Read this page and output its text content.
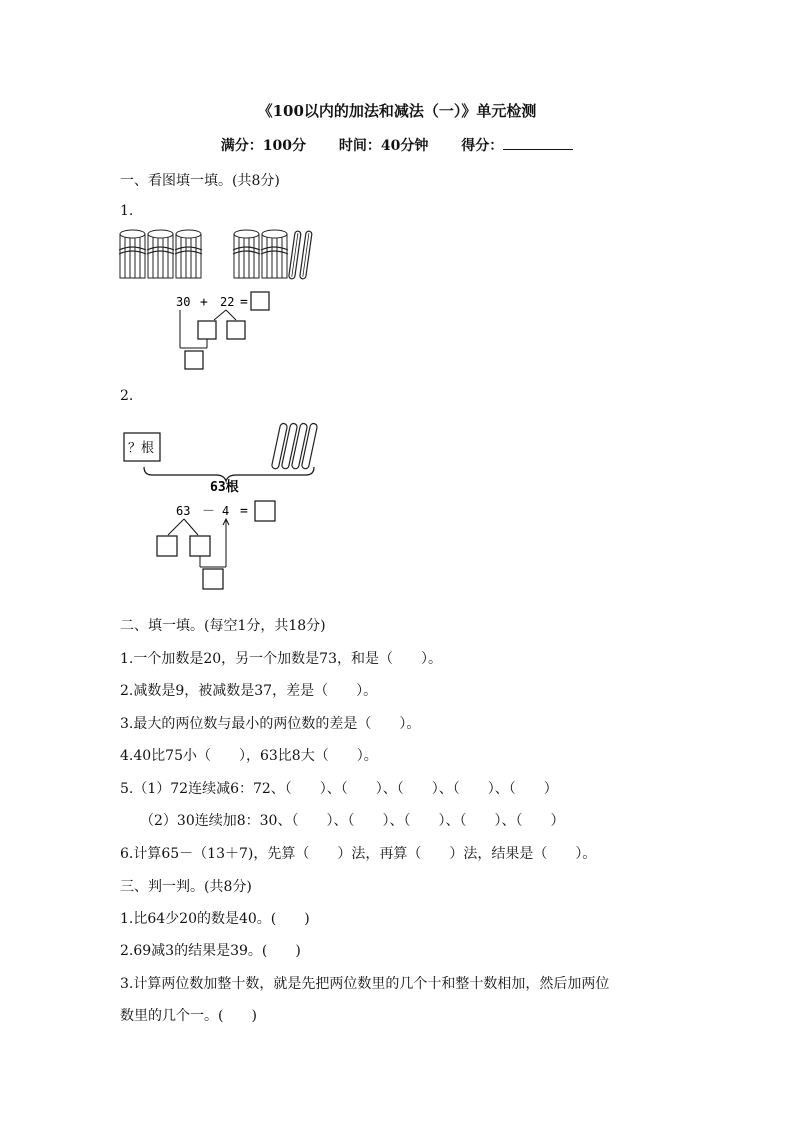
《100以内的加法和减法（一）》单元检测
满分：100分 时间：40分钟 得分：
一、看图填一填。(共8分)
1.
30 + 22 =
2.
？根
63根
63 － 4 =
二、填一填。(每空1分，共18分)
1.一个加数是20，另一个加数是73，和是（　　）。
2.减数是9，被减数是37，差是（　　）。
3.最大的两位数与最小的两位数的差是（　　）。
4.40比75小（　　），63比8大（　　）。
5.（1）72连续减6：72、（　　）、（　　）、（　　）、（　　）、（　　）
（2）30连续加8：30、（　　）、（　　）、（　　）、（　　）、（　　）
6.计算65－（13＋7)，先算（　　）法，再算（　　）法，结果是（　　）。
三、判一判。(共8分)
1.比64少20的数是40。(　　)
2.69减3的结果是39。(　　)
3.计算两位数加整十数，就是先把两位数里的几个十和整十数相加，然后加两位
数里的几个一。(　　)
